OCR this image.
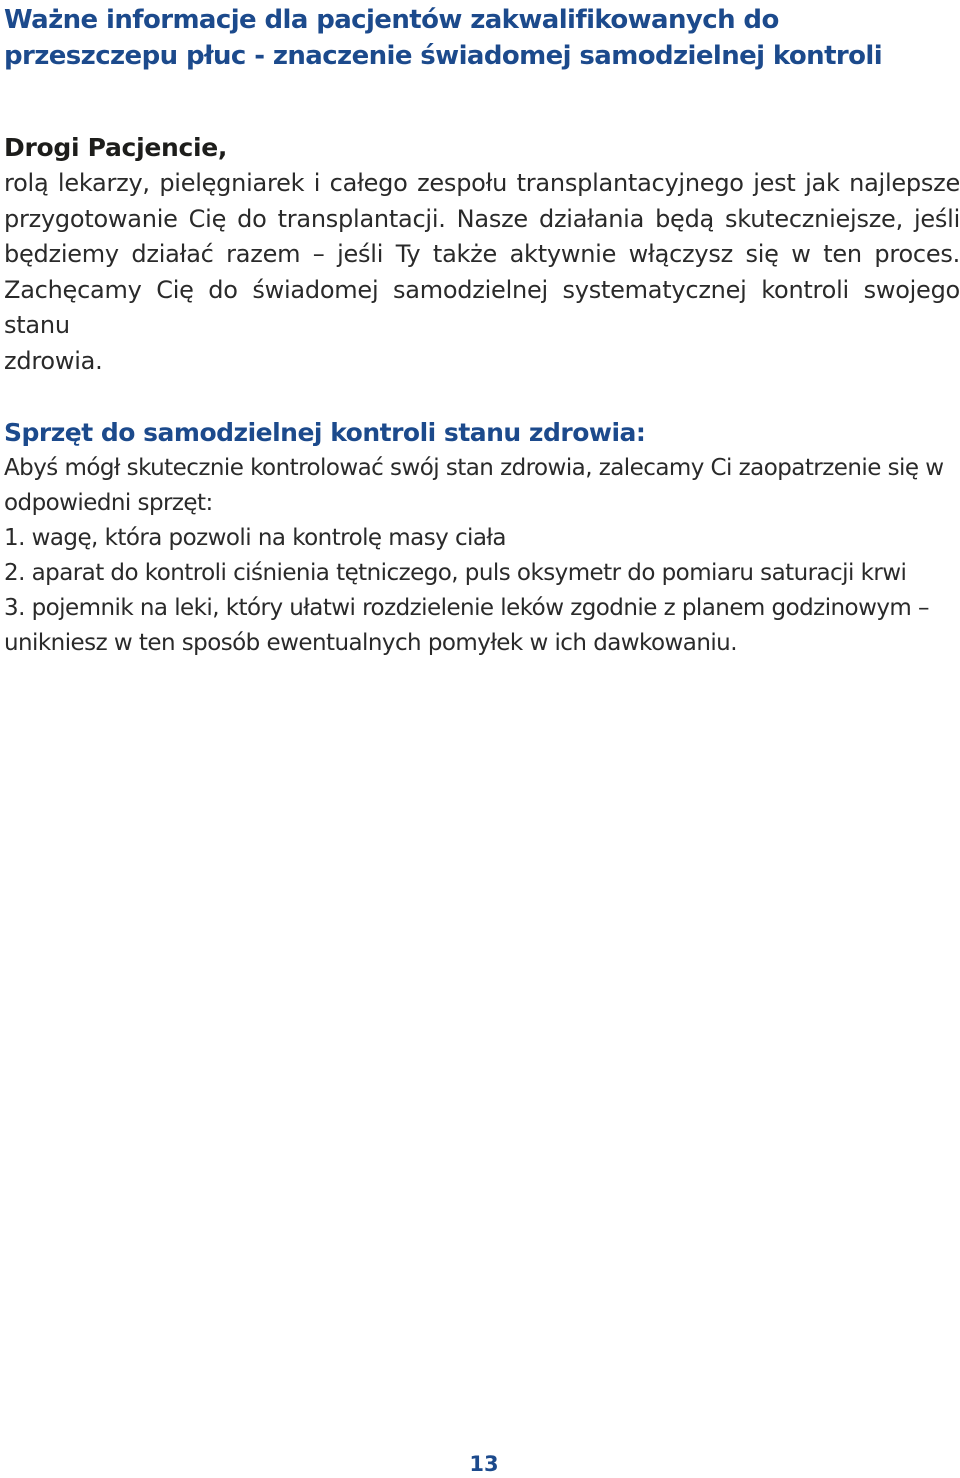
Ważne informacje dla pacjentów zakwalifikowanych do przeszczepu płuc - znaczenie świadomej samodzielnej kontroli

Drogi Pacjencie,

rolą lekarzy, pielęgniarek i całego zespołu transplantacyjnego jest jak najlepsze przygotowanie Cię do transplantacji. Nasze działania będą skuteczniejsze, jeśli będziemy działać razem – jeśli Ty także aktywnie włączysz się w ten proces. Zachęcamy Cię do świadomej samodzielnej systematycznej kontroli swojego stanu

zdrowia.

Sprzęt do samodzielnej kontroli stanu zdrowia:

Abyś mógł skutecznie kontrolować swój stan zdrowia, zalecamy Ci zaopatrzenie się w odpowiedni sprzęt:

1. wagę, która pozwoli na kontrolę masy ciała
2. aparat do kontroli ciśnienia tętniczego, puls oksymetr do pomiaru saturacji krwi
3. pojemnik na leki, który ułatwi rozdzielenie leków zgodnie z planem godzinowym – unikniesz w ten sposób ewentualnych pomyłek w ich dawkowaniu.
13
